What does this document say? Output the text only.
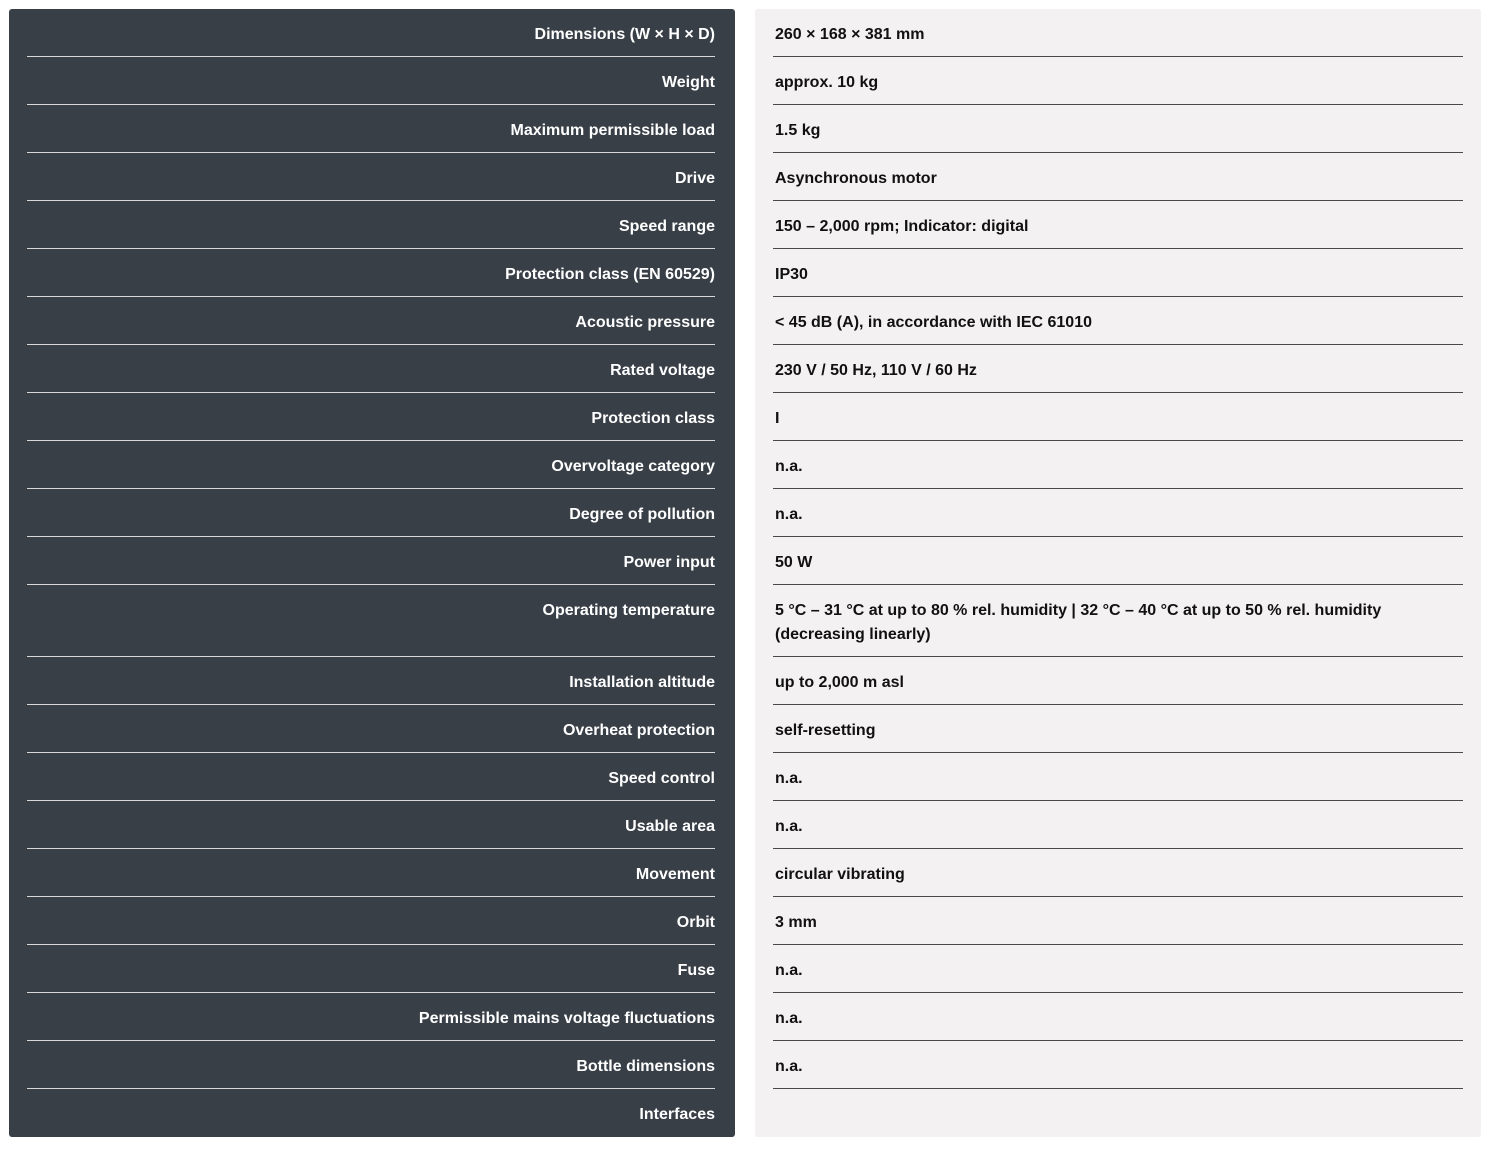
Dimensions (W × H × D)
Weight
Maximum permissible load
Drive
Speed range
Protection class (EN 60529)
Acoustic pressure
Rated voltage
Protection class
Overvoltage category
Degree of pollution
Power input
Operating temperature
Installation altitude
Overheat protection
Speed control
Usable area
Movement
Orbit
Fuse
Permissible mains voltage fluctuations
Bottle dimensions
Interfaces
260 × 168 × 381 mm
approx. 10 kg
1.5 kg
Asynchronous motor
150 – 2,000 rpm; Indicator: digital
IP30
< 45 dB (A), in accordance with IEC 61010
230 V / 50 Hz, 110 V / 60 Hz
I
n.a.
n.a.
50 W
5 °C – 31 °C at up to 80 % rel. humidity | 32 °C – 40 °C at up to 50 % rel. humidity (decreasing linearly)
up to 2,000 m asl
self-resetting
n.a.
n.a.
circular vibrating
3 mm
n.a.
n.a.
n.a.
